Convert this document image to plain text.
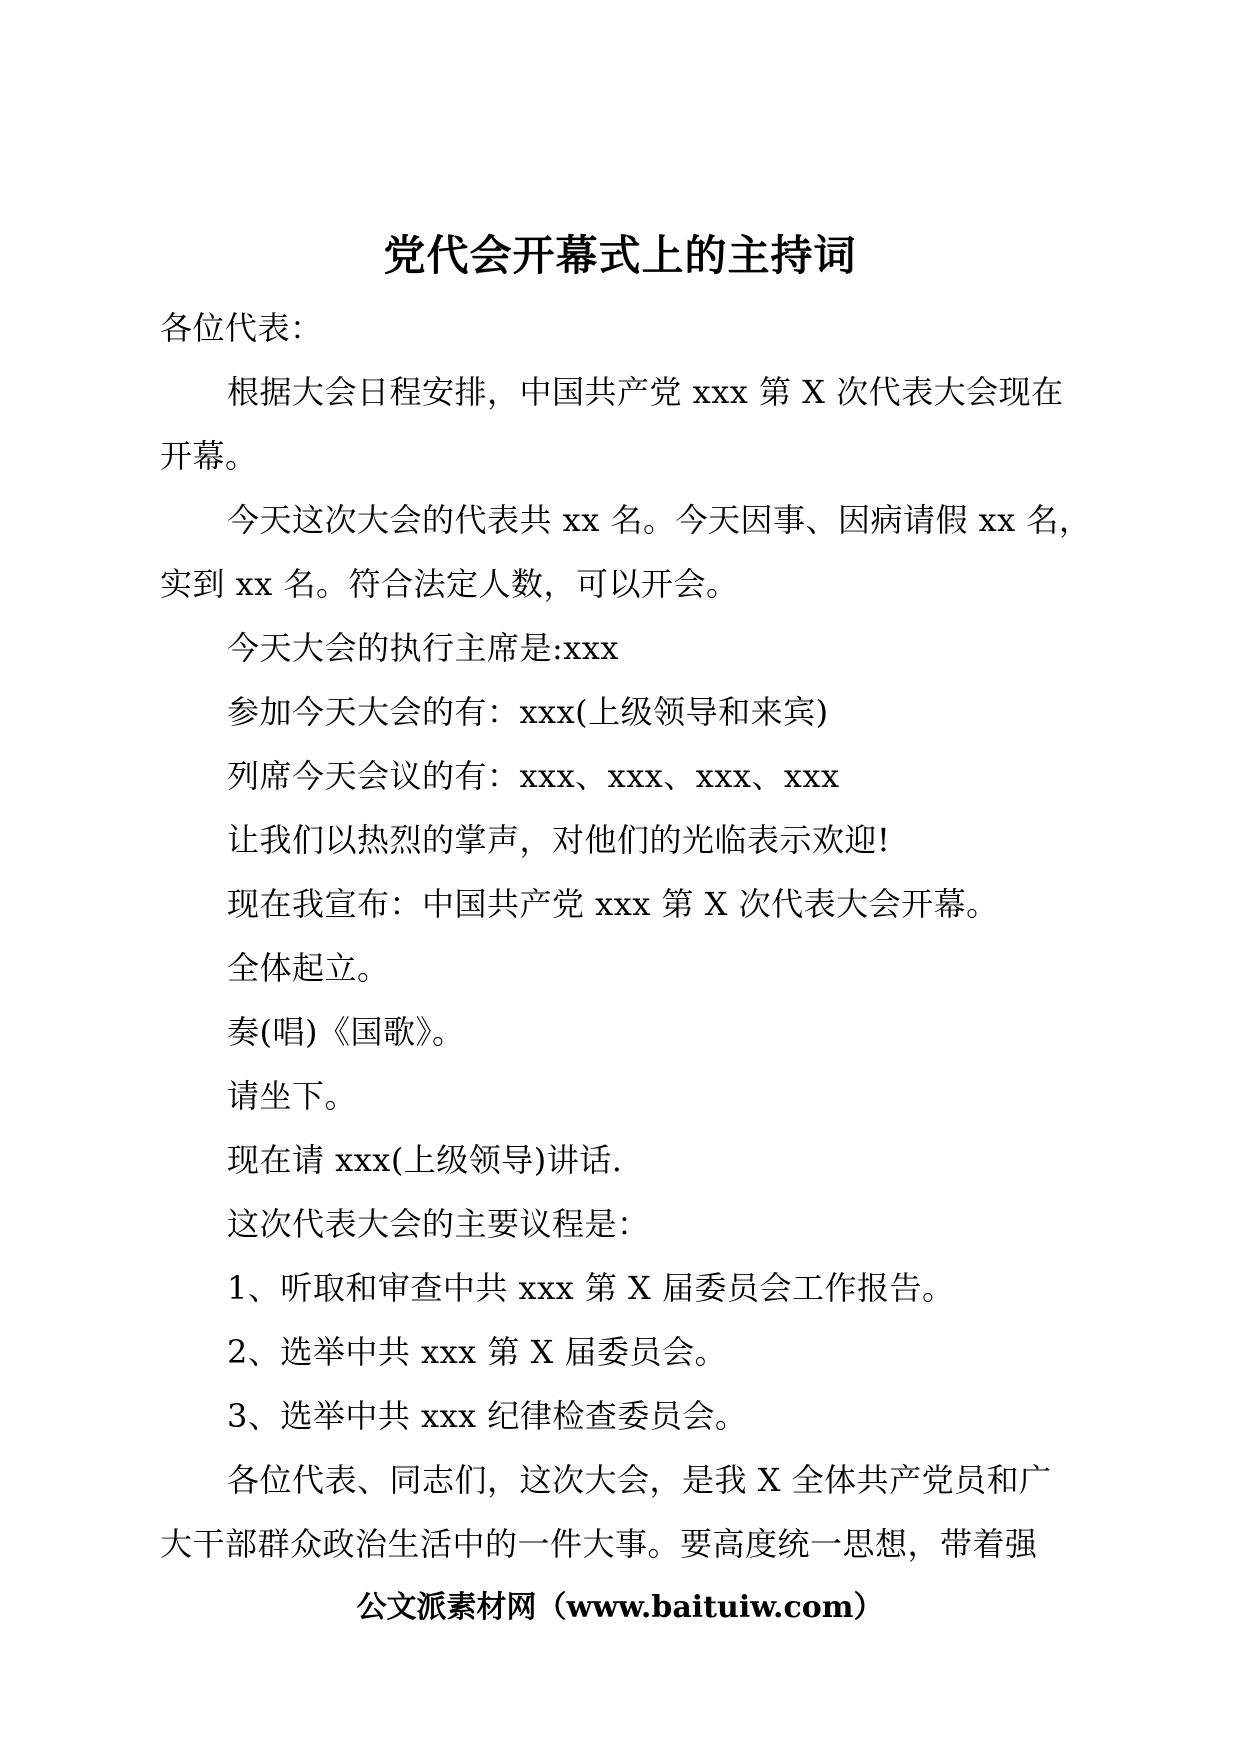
党代会开幕式上的主持词
各位代表：
根据大会日程安排，中国共产党 xxx 第 X 次代表大会现在
开幕。
今天这次大会的代表共 xx 名。今天因事、因病请假 xx 名，
实到 xx 名。符合法定人数，可以开会。
今天大会的执行主席是:xxx
参加今天大会的有：xxx(上级领导和来宾)
列席今天会议的有：xxx、xxx、xxx、xxx
让我们以热烈的掌声，对他们的光临表示欢迎!
现在我宣布：中国共产党 xxx 第 X 次代表大会开幕。
全体起立。
奏(唱)《国歌》。
请坐下。
现在请 xxx(上级领导)讲话.
这次代表大会的主要议程是：
1、听取和审查中共 xxx 第 X 届委员会工作报告。
2、选举中共 xxx 第 X 届委员会。
3、选举中共 xxx 纪律检查委员会。
各位代表、同志们，这次大会，是我 X 全体共产党员和广
大干部群众政治生活中的一件大事。要高度统一思想，带着强
公文派素材网（www.baituiw.com）
